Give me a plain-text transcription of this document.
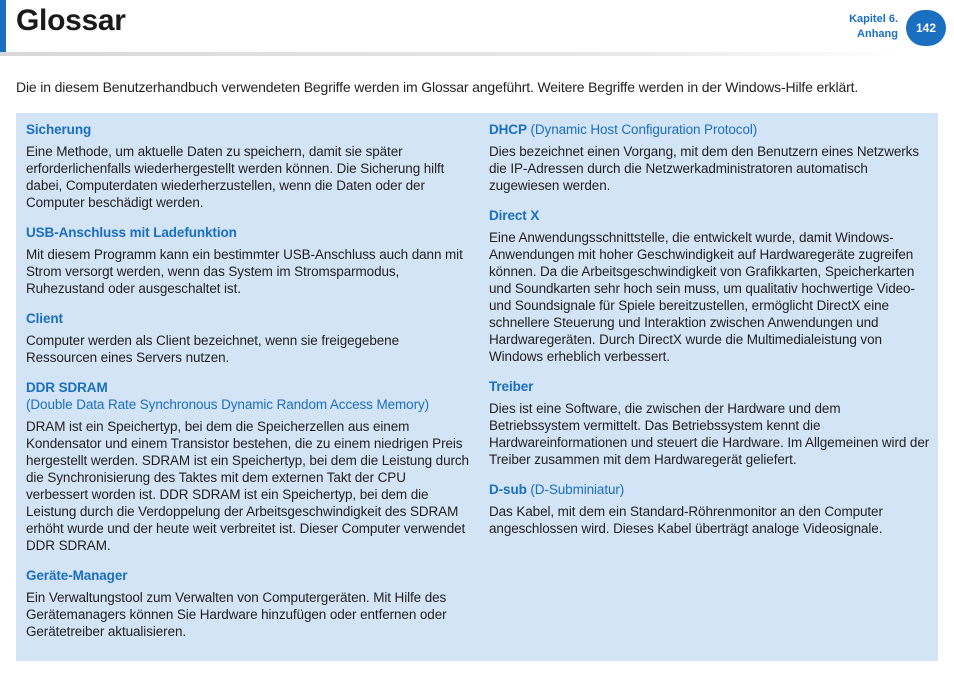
Glossar	Kapitel 6.
Anhang	142
Die in diesem Benutzerhandbuch verwendeten Begriffe werden im Glossar angeführt. Weitere Begriffe werden in der Windows-Hilfe erklärt.
Sicherung
Eine Methode, um aktuelle Daten zu speichern, damit sie später erforderlichenfalls wiederhergestellt werden können. Die Sicherung hilft dabei, Computerdaten wiederherzustellen, wenn die Daten oder der Computer beschädigt werden.
USB-Anschluss mit Ladefunktion
Mit diesem Programm kann ein bestimmter USB-Anschluss auch dann mit Strom versorgt werden, wenn das System im Stromsparmodus, Ruhezustand oder ausgeschaltet ist.
Client
Computer werden als Client bezeichnet, wenn sie freigegebene Ressourcen eines Servers nutzen.
DDR SDRAM
(Double Data Rate Synchronous Dynamic Random Access Memory)
DRAM ist ein Speichertyp, bei dem die Speicherzellen aus einem Kondensator und einem Transistor bestehen, die zu einem niedrigen Preis hergestellt werden. SDRAM ist ein Speichertyp, bei dem die Leistung durch die Synchronisierung des Taktes mit dem externen Takt der CPU verbessert worden ist. DDR SDRAM ist ein Speichertyp, bei dem die Leistung durch die Verdoppelung der Arbeitsgeschwindigkeit des SDRAM erhöht wurde und der heute weit verbreitet ist. Dieser Computer verwendet DDR SDRAM.
Geräte-Manager
Ein Verwaltungstool zum Verwalten von Computergeräten. Mit Hilfe des Gerätemanagers können Sie Hardware hinzufügen oder entfernen oder Gerätetreiber aktualisieren.
DHCP (Dynamic Host Configuration Protocol)
Dies bezeichnet einen Vorgang, mit dem den Benutzern eines Netzwerks die IP-Adressen durch die Netzwerkadministratoren automatisch zugewiesen werden.
Direct X
Eine Anwendungsschnittstelle, die entwickelt wurde, damit Windows-Anwendungen mit hoher Geschwindigkeit auf Hardwaregeräte zugreifen können. Da die Arbeitsgeschwindigkeit von Grafikkarten, Speicherkarten und Soundkarten sehr hoch sein muss, um qualitativ hochwertige Video- und Soundsignale für Spiele bereitzustellen, ermöglicht DirectX eine schnellere Steuerung und Interaktion zwischen Anwendungen und Hardwaregeräten. Durch DirectX wurde die Multimedialeistung von Windows erheblich verbessert.
Treiber
Dies ist eine Software, die zwischen der Hardware und dem Betriebssystem vermittelt. Das Betriebssystem kennt die Hardwareinformationen und steuert die Hardware. Im Allgemeinen wird der Treiber zusammen mit dem Hardwaregerät geliefert.
D-sub (D-Subminiatur)
Das Kabel, mit dem ein Standard-Röhrenmonitor an den Computer angeschlossen wird. Dieses Kabel überträgt analoge Videosignale.
